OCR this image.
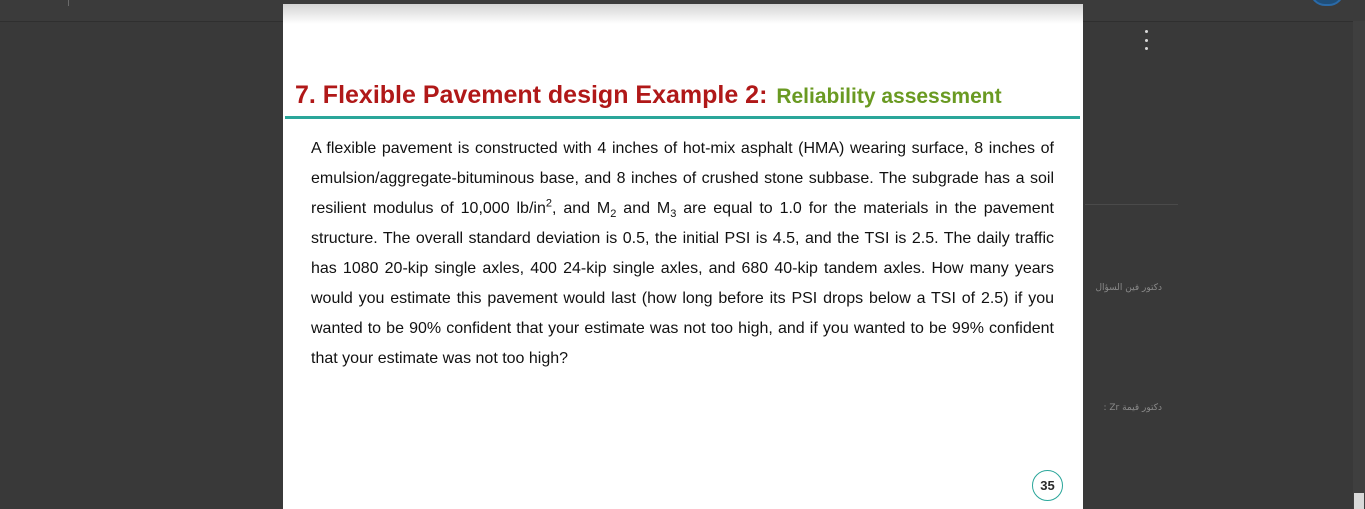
دكتور فين السؤال
دكتور قيمة Zr :
7. Flexible Pavement design Example 2: Reliability assessment

A flexible pavement is constructed with 4 inches of hot-mix asphalt (HMA) wearing surface, 8 inches of emulsion/aggregate-bituminous base, and 8 inches of crushed stone subbase. The subgrade has a soil resilient modulus of 10,000 $lb/in^2$, and $M_2$ and $M_3$ are equal to 1.0 for the materials in the pavement structure. The overall standard deviation is 0.5, the initial PSI is 4.5, and the TSI is 2.5. The daily traffic has 1080 20-kip single axles, 400 24-kip single axles, and 680 40-kip tandem axles. How many years would you estimate this pavement would last (how long before its PSI drops below a TSI of 2.5) if you wanted to be 90% confident that your estimate was not too high, and if you wanted to be 99% confident that your estimate was not too high?

35
